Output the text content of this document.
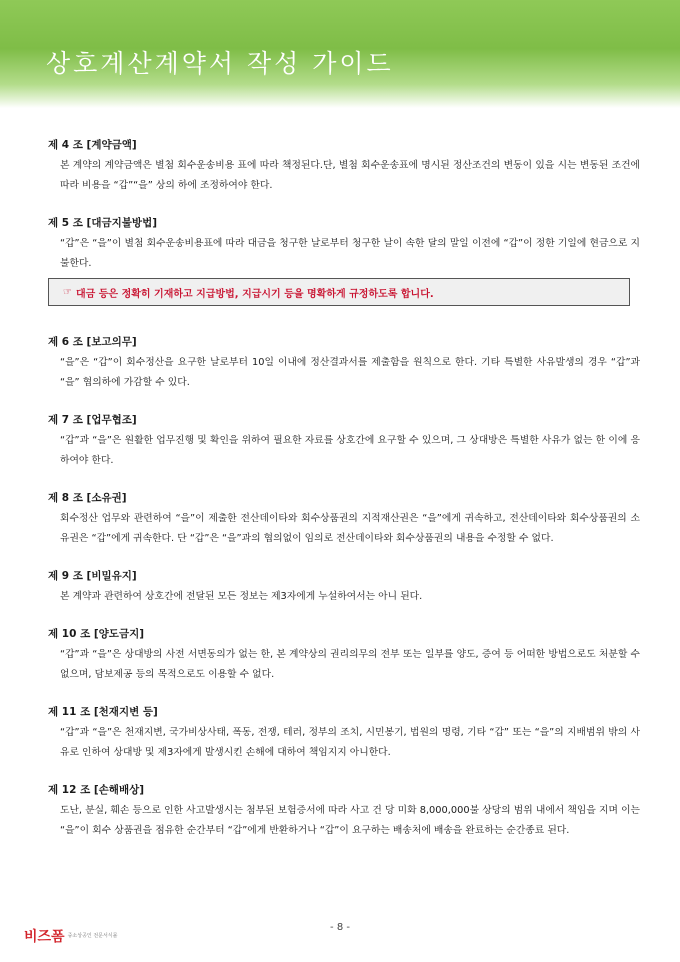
상호계산계약서 작성 가이드
제 4 조 [계약금액]
본 계약의 계약금액은 별첨 회수운송비용 표에 따라 책정된다.단, 별첨 회수운송표에 명시된 정산조건의 변동이 있을 시는 변동된 조건에 따라 비용을 “갑”“을” 상의 하에 조정하여야 한다.
제 5 조 [대금지불방법]
“갑”은 “을”이 별첨 회수운송비용표에 따라 대금을 청구한 날로부터 청구한 날이 속한 달의 말일 이전에 “갑”이 정한 기일에 현금으로 지불한다.
☞ 대금 등은 정확히 기재하고 지급방법, 지급시기 등을 명확하게 규정하도록 합니다.
제 6 조 [보고의무]
“을”은 “갑”이 회수정산을 요구한 날로부터 10일 이내에 정산결과서를 제출함을 원칙으로 한다. 기타 특별한 사유발생의 경우 “갑”과 “을” 협의하에 가감할 수 있다.
제 7 조 [업무협조]
“갑”과 “을”은 원활한 업무진행 및 확인을 위하여 필요한 자료를 상호간에 요구할 수 있으며, 그 상대방은 특별한 사유가 없는 한 이에 응하여야 한다.
제 8 조 [소유권]
회수정산 업무와 관련하여 “을”이 제출한 전산데이타와 회수상품권의 지적재산권은 “을”에게 귀속하고, 전산데이타와 회수상품권의 소유권은 “갑”에게 귀속한다. 단 “갑”은 “을”과의 협의없이 임의로 전산데이타와 회수상품권의 내용을 수정할 수 없다.
제 9 조 [비밀유지]
본 계약과 관련하여 상호간에 전달된 모든 정보는 제3자에게 누설하여서는 아니 된다.
제 10 조 [양도금지]
“갑”과 “을”은 상대방의 사전 서면동의가 없는 한, 본 계약상의 권리의무의 전부 또는 일부를 양도, 증여 등 어떠한 방법으로도 처분할 수 없으며, 담보제공 등의 목적으로도 이용할 수 없다.
제 11 조 [천재지변 등]
“갑”과 “을”은 천재지변, 국가비상사태, 폭동, 전쟁, 테러, 정부의 조치, 시민봉기, 법원의 명령, 기타 “갑” 또는 “을”의 지배범위 밖의 사유로 인하여 상대방 및 제3자에게 발생시킨 손해에 대하여 책임지지 아니한다.
제 12 조 [손해배상]
도난, 분실, 훼손 등으로 인한 사고발생시는 첨부된 보험증서에 따라 사고 건 당 미화 8,000,000불 상당의 범위 내에서 책임을 지며 이는 “을”이 회수 상품권을 점유한 순간부터 “갑”에게 반환하거나 “갑”이 요구하는 배송처에 배송을 완료하는 순간종료 된다.
비즈폼 중소상공인 전문서식몰
- 8 -
